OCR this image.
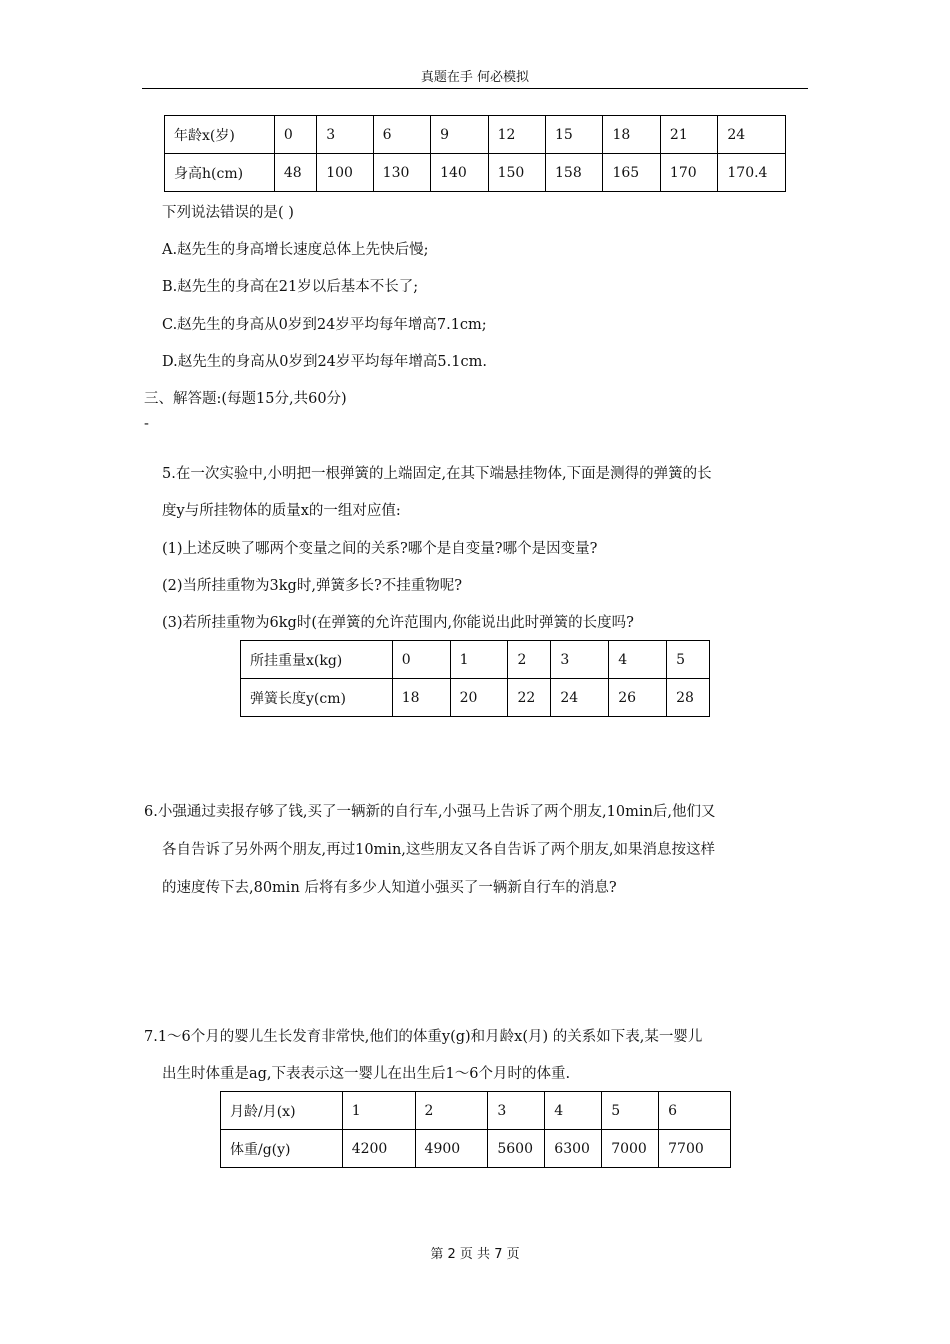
真题在手 何必模拟
年龄x(岁)	0	3	6	9	12	15	18	21	24
身高h(cm)	48	100	130	140	150	158	165	170	170.4
下列说法错误的是( )
A.赵先生的身高增长速度总体上先快后慢;
B.赵先生的身高在21岁以后基本不长了;
C.赵先生的身高从0岁到24岁平均每年增高7.1cm;
D.赵先生的身高从0岁到24岁平均每年增高5.1cm.
三、解答题:(每题15分,共60分)
-
5.在一次实验中,小明把一根弹簧的上端固定,在其下端悬挂物体,下面是测得的弹簧的长
度y与所挂物体的质量x的一组对应值:
(1)上述反映了哪两个变量之间的关系?哪个是自变量?哪个是因变量?
(2)当所挂重物为3kg时,弹簧多长?不挂重物呢?
(3)若所挂重物为6kg时(在弹簧的允许范围内,你能说出此时弹簧的长度吗?
所挂重量x(kg)	0	1	2	3	4	5
弹簧长度y(cm)	18	20	22	24	26	28
6.小强通过卖报存够了钱,买了一辆新的自行车,小强马上告诉了两个朋友,10min后,他们又
各自告诉了另外两个朋友,再过10min,这些朋友又各自告诉了两个朋友,如果消息按这样
的速度传下去,80min 后将有多少人知道小强买了一辆新自行车的消息?
7.1～6个月的婴儿生长发育非常快,他们的体重y(g)和月龄x(月) 的关系如下表,某一婴儿
出生时体重是ag,下表表示这一婴儿在出生后1～6个月时的体重.
月龄/月(x)	1	2	3	4	5	6
体重/g(y)	4200	4900	5600	6300	7000	7700
第 2 页 共 7 页
